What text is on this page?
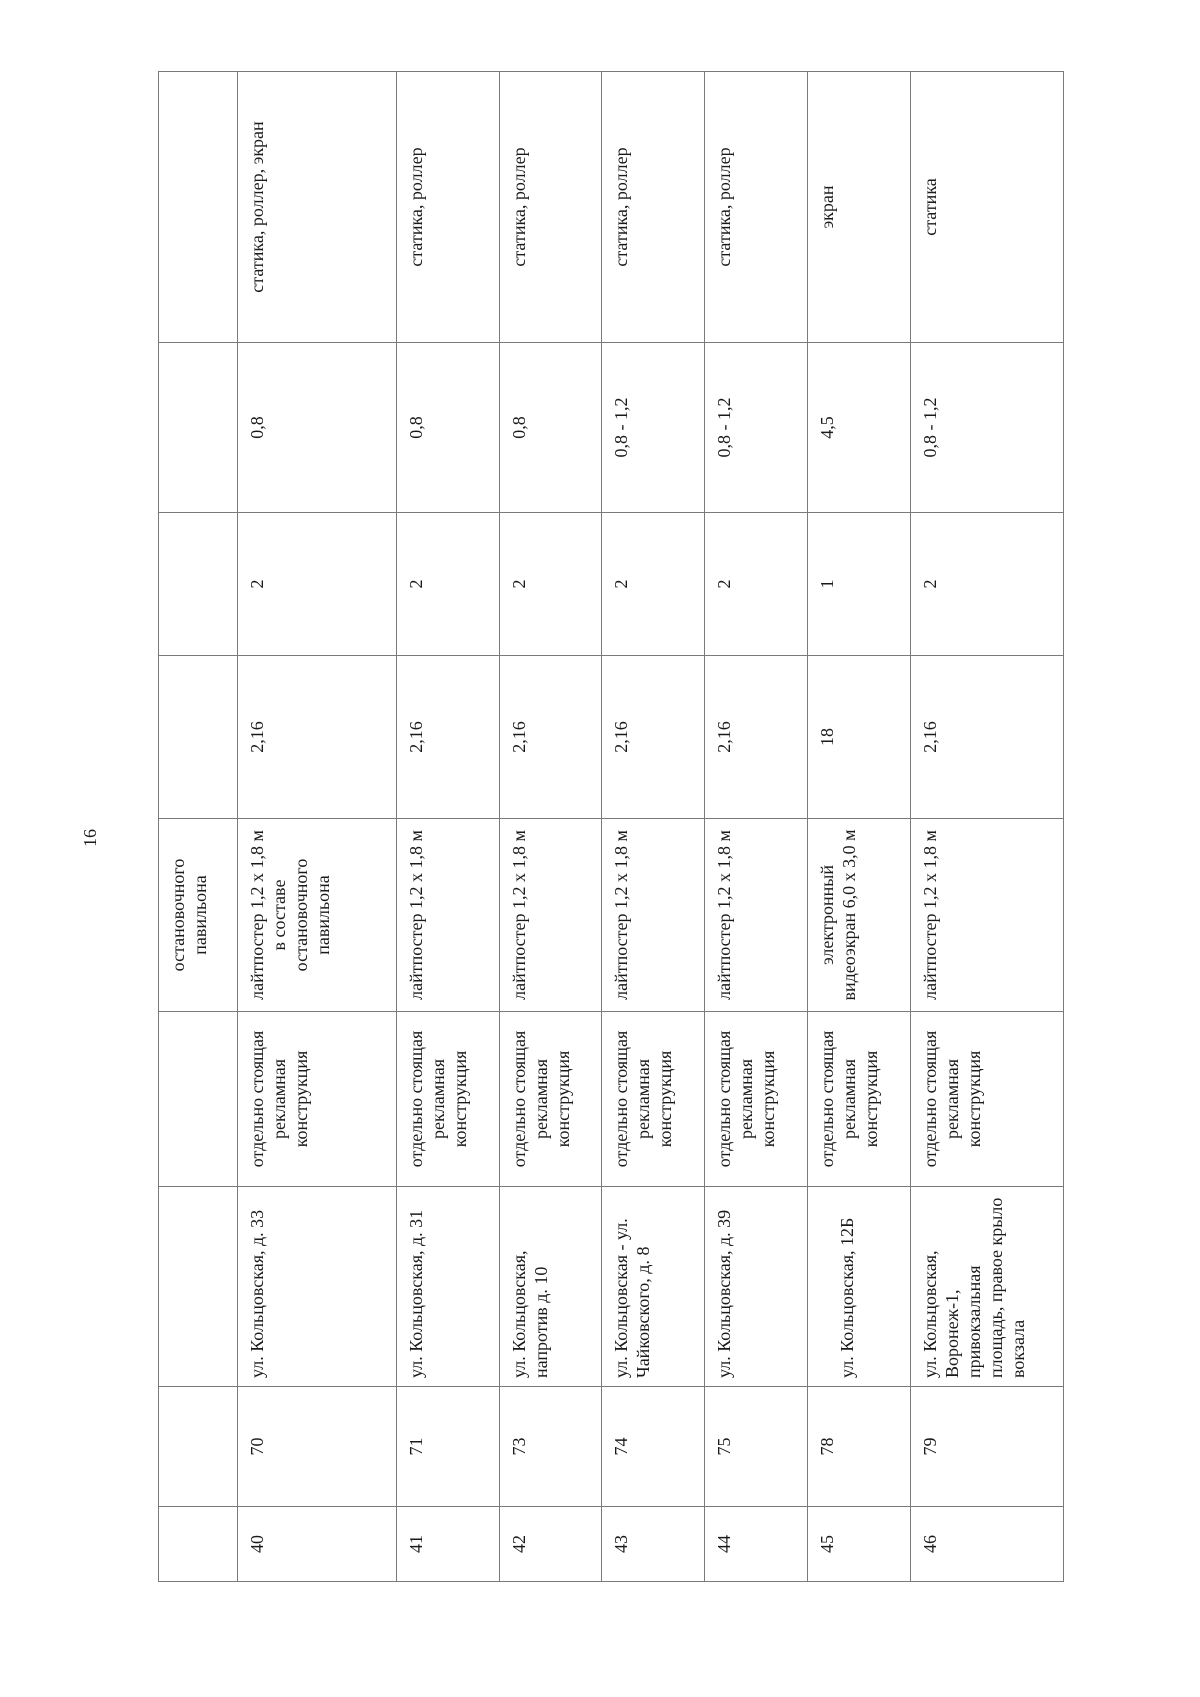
16
				остановочного павильона				
40	70	ул. Кольцовская, д. 33	отдельно стоящая рекламная конструкция	лайтпостер 1,2 х 1,8 м в составе остановочного павильона	2,16	2	0,8	статика, роллер, экран
41	71	ул. Кольцовская, д. 31	отдельно стоящая рекламная конструкция	лайтпостер 1,2 х 1,8 м	2,16	2	0,8	статика, роллер
42	73	ул. Кольцовская, напротив д. 10	отдельно стоящая рекламная конструкция	лайтпостер 1,2 х 1,8 м	2,16	2	0,8	статика, роллер
43	74	ул. Кольцовская - ул. Чайковского, д. 8	отдельно стоящая рекламная конструкция	лайтпостер 1,2 х 1,8 м	2,16	2	0,8 - 1,2	статика, роллер
44	75	ул. Кольцовская, д. 39	отдельно стоящая рекламная конструкция	лайтпостер 1,2 х 1,8 м	2,16	2	0,8 - 1,2	статика, роллер
45	78	ул. Кольцовская, 12Б	отдельно стоящая рекламная конструкция	электронный видеоэкран 6,0 х 3,0 м	18	1	4,5	экран
46	79	ул. Кольцовская, Воронеж-1, привокзальная площадь, правое крыло вокзала	отдельно стоящая рекламная конструкция	лайтпостер 1,2 х 1,8 м	2,16	2	0,8 - 1,2	статика
